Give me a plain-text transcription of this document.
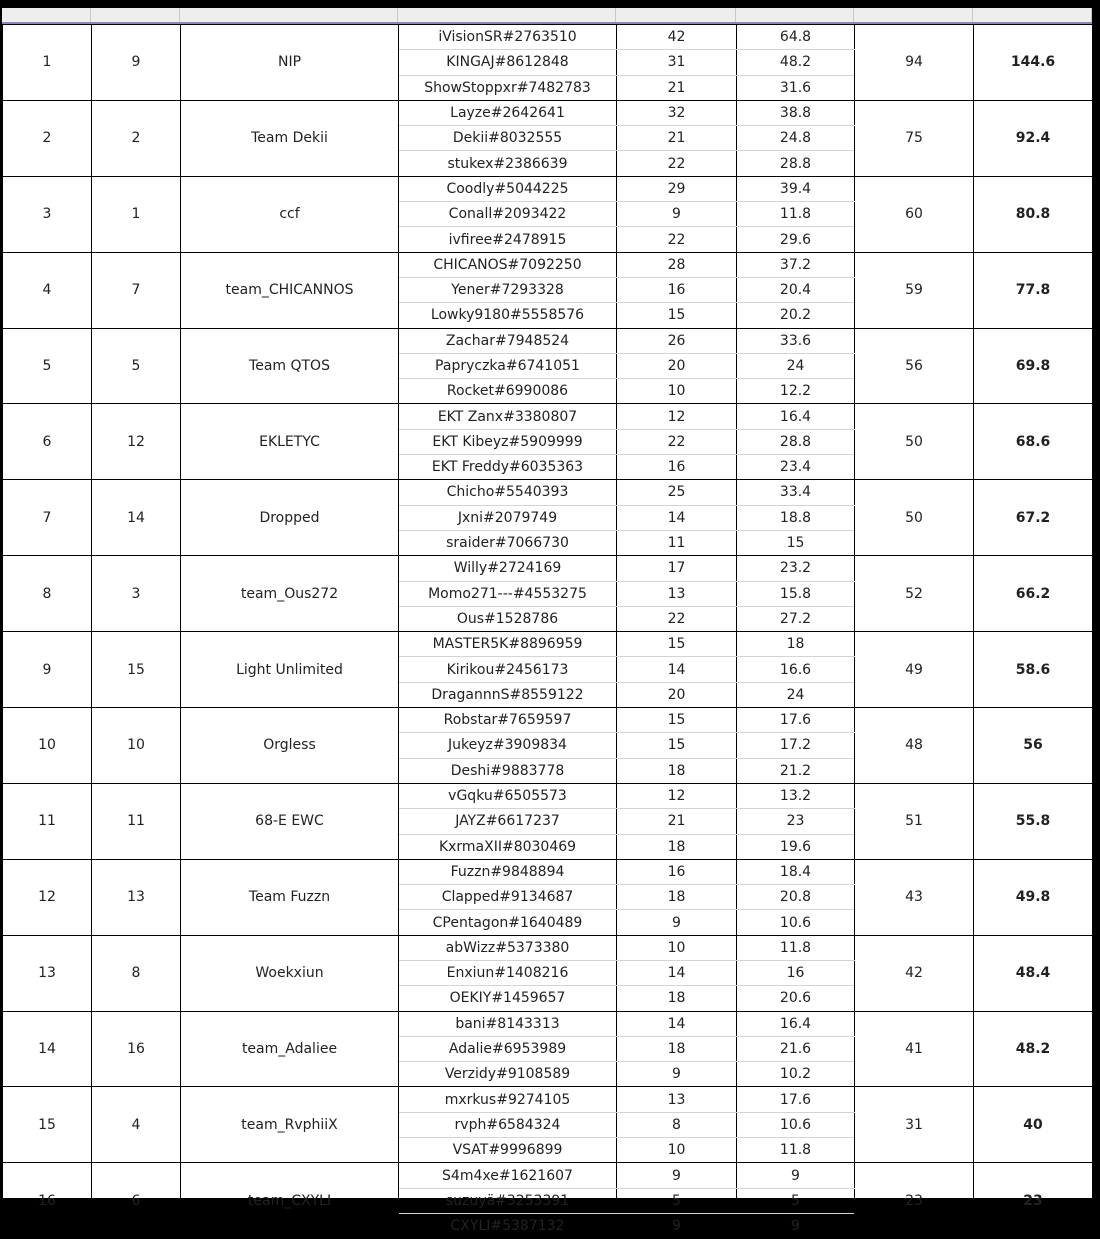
1	9	NIP	iVisionSR#2763510	42	64.8	94	144.6
			KINGAJ#8612848	31	48.2		
			ShowStoppxr#7482783	21	31.6		
2	2	Team Dekii	Layze#2642641	32	38.8	75	92.4
			Dekii#8032555	21	24.8		
			stukex#2386639	22	28.8		
3	1	ccf	Coodly#5044225	29	39.4	60	80.8
			Conall#2093422	9	11.8		
			ivfiree#2478915	22	29.6		
4	7	team_CHICANNOS	CHICANOS#7092250	28	37.2	59	77.8
			Yener#7293328	16	20.4		
			Lowky9180#5558576	15	20.2		
5	5	Team QTOS	Zachar#7948524	26	33.6	56	69.8
			Papryczka#6741051	20	24		
			Rocket#6990086	10	12.2		
6	12	EKLETYC	EKT Zanx#3380807	12	16.4	50	68.6
			EKT Kibeyz#5909999	22	28.8		
			EKT Freddy#6035363	16	23.4		
7	14	Dropped	Chicho#5540393	25	33.4	50	67.2
			Jxni#2079749	14	18.8		
			sraider#7066730	11	15		
8	3	team_Ous272	Willy#2724169	17	23.2	52	66.2
			Momo271---#4553275	13	15.8		
			Ous#1528786	22	27.2		
9	15	Light Unlimited	MASTER5K#8896959	15	18	49	58.6
			Kirikou#2456173	14	16.6		
			DragannnS#8559122	20	24		
10	10	Orgless	Robstar#7659597	15	17.6	48	56
			Jukeyz#3909834	15	17.2		
			Deshi#9883778	18	21.2		
11	11	68-E EWC	vGqku#6505573	12	13.2	51	55.8
			JAYZ#6617237	21	23		
			KxrmaXII#8030469	18	19.6		
12	13	Team Fuzzn	Fuzzn#9848894	16	18.4	43	49.8
			Clapped#9134687	18	20.8		
			CPentagon#1640489	9	10.6		
13	8	Woekxiun	abWizz#5373380	10	11.8	42	48.4
			Enxiun#1408216	14	16		
			OEKIY#1459657	18	20.6		
14	16	team_Adaliee	bani#8143313	14	16.4	41	48.2
			Adalie#6953989	18	21.6		
			Verzidy#9108589	9	10.2		
15	4	team_RvphiiX	mxrkus#9274105	13	17.6	31	40
			rvph#6584324	8	10.6		
			VSAT#9996899	10	11.8		
16	6	team_CXYLI	S4m4xe#1621607	9	9	23	23
			suzuyä#3253391	5	5		
			CXYLI#5387132	9	9		
